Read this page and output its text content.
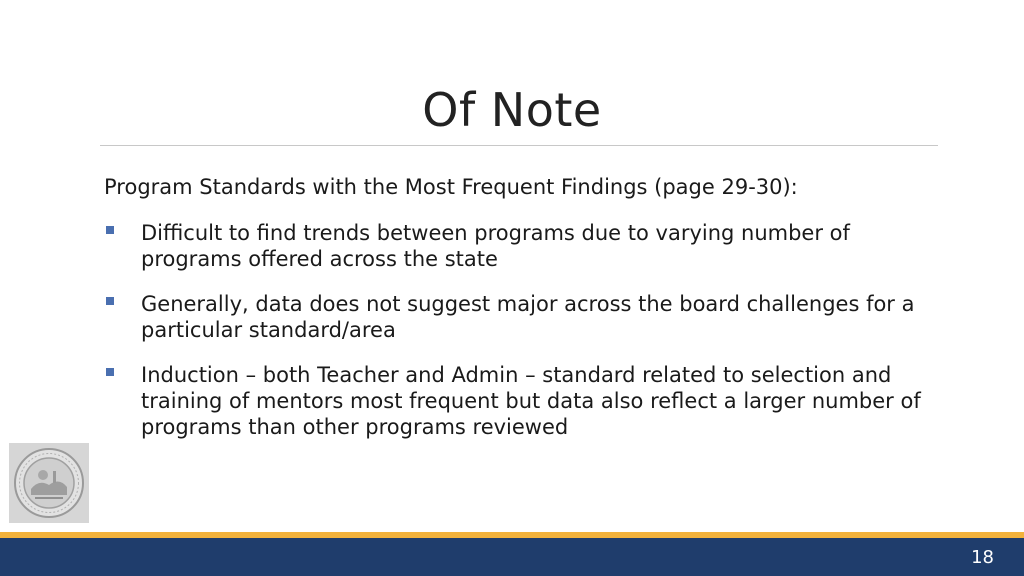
Of Note
Program Standards with the Most Frequent Findings (page 29-30):
Difficult to find trends between programs due to varying number of programs offered across the state
Generally, data does not suggest major across the board challenges for a particular standard/area
Induction – both Teacher and Admin – standard related to selection and training of mentors most frequent but data also reflect a larger number of programs than other programs reviewed
18
